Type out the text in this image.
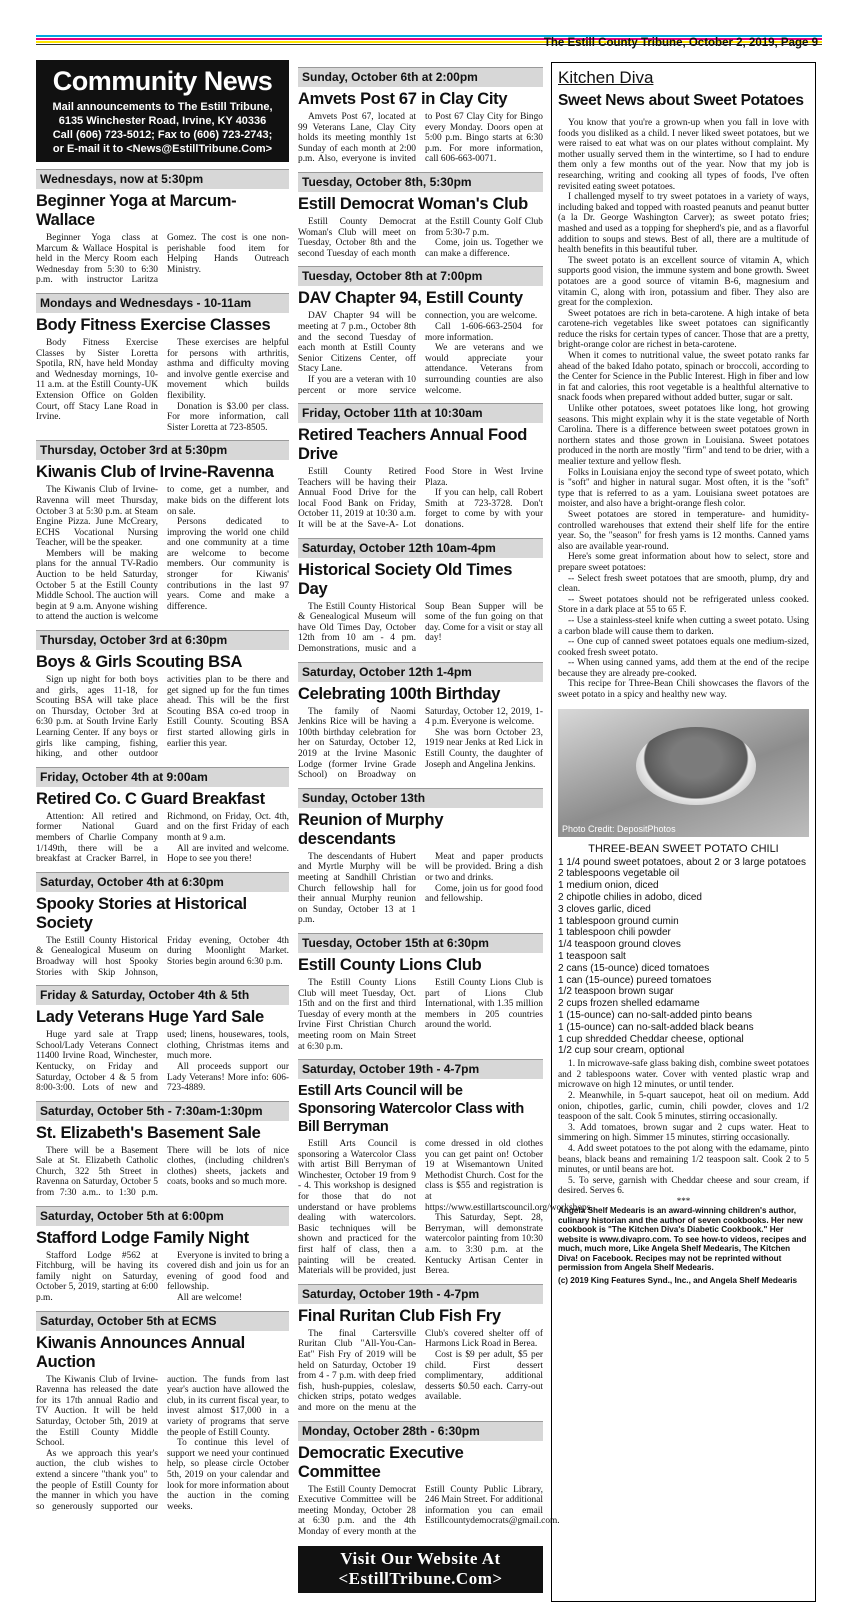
The Estill County Tribune, October 2, 2019, Page 9
Community News

Mail announcements to The Estill Tribune,
6135 Winchester Road, Irvine, KY 40336
Call (606) 723-5012; Fax to (606) 723-2743;
or E-mail it to <News@EstillTribune.Com>

Wednesdays, now at 5:30pm
Beginner Yoga at Marcum-Wallace

Beginner Yoga class at Marcum & Wallace Hospital is held in the Mercy Room each Wednesday from 5:30 to 6:30 p.m. with instructor Laritza Gomez. The cost is one non-perishable food item for Helping Hands Outreach Ministry.

Mondays and Wednesdays - 10-11am
Body Fitness Exercise Classes

Body Fitness Exercise Classes by Sister Loretta Spotila, RN, have held Monday and Wednesday mornings, 10-11 a.m. at the Estill County-UK Extension Office on Golden Court, off Stacy Lane Road in Irvine.

These exercises are helpful for persons with arthritis, asthma and difficulty moving and involve gentle exercise and movement which builds flexibility.

Donation is $3.00 per class. For more information, call Sister Loretta at 723-8505.

Thursday, October 3rd at 5:30pm
Kiwanis Club of Irvine-Ravenna

The Kiwanis Club of Irvine-Ravenna will meet Thursday, October 3 at 5:30 p.m. at Steam Engine Pizza. June McCreary, ECHS Vocational Nursing Teacher, will be the speaker.

Members will be making plans for the annual TV-Radio Auction to be held Saturday, October 5 at the Estill County Middle School. The auction will begin at 9 a.m. Anyone wishing to attend the auction is welcome to come, get a number, and make bids on the different lots on sale.

Persons dedicated to improving the world one child and one community at a time are welcome to become members. Our community is stronger for Kiwanis' contributions in the last 97 years. Come and make a difference.

Thursday, October 3rd at 6:30pm
Boys & Girls Scouting BSA

Sign up night for both boys and girls, ages 11-18, for Scouting BSA will take place on Thursday, October 3rd at 6:30 p.m. at South Irvine Early Learning Center. If any boys or girls like camping, fishing, hiking, and other outdoor activities plan to be there and get signed up for the fun times ahead. This will be the first Scouting BSA co-ed troop in Estill County. Scouting BSA first started allowing girls in earlier this year.

Friday, October 4th at 9:00am
Retired Co. C Guard Breakfast

Attention: All retired and former National Guard members of Charlie Company 1/149th, there will be a breakfast at Cracker Barrel, in Richmond, on Friday, Oct. 4th, and on the first Friday of each month at 9 a.m.

All are invited and welcome. Hope to see you there!

Saturday, October 4th at 6:30pm
Spooky Stories at Historical Society

The Estill County Historical & Genealogical Museum on Broadway will host Spooky Stories with Skip Johnson, Friday evening, October 4th during Moonlight Market. Stories begin around 6:30 p.m.

Friday & Saturday, October 4th & 5th
Lady Veterans Huge Yard Sale

Huge yard sale at Trapp School/Lady Veterans Connect 11400 Irvine Road, Winchester, Kentucky, on Friday and Saturday, October 4 & 5 from 8:00-3:00. Lots of new and used; linens, housewares, tools, clothing, Christmas items and much more.

All proceeds support our Lady Veterans! More info: 606-723-4889.

Saturday, October 5th - 7:30am-1:30pm
St. Elizabeth's Basement Sale

There will be a Basement Sale at St. Elizabeth Catholic Church, 322 5th Street in Ravenna on Saturday, October 5 from 7:30 a.m.. to 1:30 p.m. There will be lots of nice clothes, (including children's clothes) sheets, jackets and coats, books and so much more.

Saturday, October 5th at 6:00pm
Stafford Lodge Family Night

Stafford Lodge #562 at Fitchburg, will be having its family night on Saturday, October 5, 2019, starting at 6:00 p.m.

Everyone is invited to bring a covered dish and join us for an evening of good food and fellowship.

All are welcome!

Saturday, October 5th at ECMS
Kiwanis Announces Annual Auction

The Kiwanis Club of Irvine-Ravenna has released the date for its 17th annual Radio and TV Auction. It will be held Saturday, October 5th, 2019 at the Estill County Middle School.

As we approach this year's auction, the club wishes to extend a sincere "thank you" to the people of Estill County for the manner in which you have so generously supported our auction. The funds from last year's auction have allowed the club, in its current fiscal year, to invest almost $17,000 in a variety of programs that serve the people of Estill County.

To continue this level of support we need your continued help, so please circle October 5th, 2019 on your calendar and look for more information about the auction in the coming weeks.

Sunday, October 6th at 2:00pm
Amvets Post 67 in Clay City

Amvets Post 67, located at 99 Veterans Lane, Clay City holds its meeting monthly 1st Sunday of each month at 2:00 p.m. Also, everyone is invited to Post 67 Clay City for Bingo every Monday. Doors open at 5:00 p.m. Bingo starts at 6:30 p.m. For more information, call 606-663-0071.

Tuesday, October 8th, 5:30pm
Estill Democrat Woman's Club

Estill County Democrat Woman's Club will meet on Tuesday, October 8th and the second Tuesday of each month at the Estill County Golf Club from 5:30-7 p.m.

Come, join us. Together we can make a difference.

Tuesday, October 8th at 7:00pm
DAV Chapter 94, Estill County

DAV Chapter 94 will be meeting at 7 p.m., October 8th and the second Tuesday of each month at Estill County Senior Citizens Center, off Stacy Lane.

If you are a veteran with 10 percent or more service connection, you are welcome.

Call 1-606-663-2504 for more information.

We are veterans and we would appreciate your attendance. Veterans from surrounding counties are also welcome.

Friday, October 11th at 10:30am
Retired Teachers Annual Food Drive

Estill County Retired Teachers will be having their Annual Food Drive for the local Food Bank on Friday, October 11, 2019 at 10:30 a.m. It will be at the Save-A- Lot Food Store in West Irvine Plaza.

If you can help, call Robert Smith at 723-3728. Don't forget to come by with your donations.

Saturday, October 12th 10am-4pm
Historical Society Old Times Day

The Estill County Historical & Genealogical Museum will have Old Times Day, October 12th from 10 am - 4 pm. Demonstrations, music and a Soup Bean Supper will be some of the fun going on that day. Come for a visit or stay all day!

Saturday, October 12th 1-4pm
Celebrating 100th Birthday

The family of Naomi Jenkins Rice will be having a 100th birthday celebration for her on Saturday, October 12, 2019 at the Irvine Masonic Lodge (former Irvine Grade School) on Broadway on Saturday, October 12, 2019, 1-4 p.m. Everyone is welcome.

She was born October 23, 1919 near Jenks at Red Lick in Estill County, the daughter of Joseph and Angelina Jenkins.

Sunday, October 13th
Reunion of Murphy descendants

The descendants of Hubert and Myrtle Murphy will be meeting at Sandhill Christian Church fellowship hall for their annual Murphy reunion on Sunday, October 13 at 1 p.m.

Meat and paper products will be provided. Bring a dish or two and drinks.

Come, join us for good food and fellowship.

Tuesday, October 15th at 6:30pm
Estill County Lions Club

The Estill County Lions Club will meet Tuesday, Oct. 15th and on the first and third Tuesday of every month at the Irvine First Christian Church meeting room on Main Street at 6:30 p.m.

Estill County Lions Club is part of Lions Club International, with 1.35 million members in 205 countries around the world.

Saturday, October 19th - 4-7pm
Estill Arts Council will be Sponsoring Watercolor Class with Bill Berryman

Estill Arts Council is sponsoring a Watercolor Class with artist Bill Berryman of Winchester, October 19 from 9 - 4. This workshop is designed for those that do not understand or have problems dealing with watercolors. Basic techniques will be shown and practiced for the first half of class, then a painting will be created. Materials will be provided, just come dressed in old clothes you can get paint on! October 19 at Wisemantown United Methodist Church. Cost for the class is $55 and registration is at https://www.estillartscouncil.org/workshops.

This Saturday, Sept. 28, Berryman, will demonstrate watercolor painting from 10:30 a.m. to 3:30 p.m. at the Kentucky Artisan Center in Berea.

Saturday, October 19th - 4-7pm
Final Ruritan Club Fish Fry

The final Cartersville Ruritan Club "All-You-Can-Eat" Fish Fry of 2019 will be held on Saturday, October 19 from 4 - 7 p.m. with deep fried fish, hush-puppies, coleslaw, chicken strips, potato wedges and more on the menu at the Club's covered shelter off of Harmons Lick Road in Berea.

Cost is $9 per adult, $5 per child. First dessert complimentary, additional desserts $0.50 each. Carry-out available.

Monday, October 28th - 6:30pm
Democratic Executive Committee

The Estill County Democrat Executive Committee will be meeting Monday, October 28 at 6:30 p.m. and the 4th Monday of every month at the Estill County Public Library, 246 Main Street. For additional information you can email Estillcountydemocrats@gmail.com.

Visit Our Website At
<EstillTribune.Com>
Kitchen Diva
Sweet News about Sweet Potatoes

You know that you're a grown-up when you fall in love with foods you disliked as a child. I never liked sweet potatoes, but we were raised to eat what was on our plates without complaint. My mother usually served them in the wintertime, so I had to endure them only a few months out of the year. Now that my job is researching, writing and cooking all types of foods, I've often revisited eating sweet potatoes.

I challenged myself to try sweet potatoes in a variety of ways, including baked and topped with roasted peanuts and peanut butter (a la Dr. George Washington Carver); as sweet potato fries; mashed and used as a topping for shepherd's pie, and as a flavorful addition to soups and stews. Best of all, there are a multitude of health benefits in this beautiful tuber.

The sweet potato is an excellent source of vitamin A, which supports good vision, the immune system and bone growth. Sweet potatoes are a good source of vitamin B-6, magnesium and vitamin C, along with iron, potassium and fiber. They also are great for the complexion.

Sweet potatoes are rich in beta-carotene. A high intake of beta carotene-rich vegetables like sweet potatoes can significantly reduce the risks for certain types of cancer. Those that are a pretty, bright-orange color are richest in beta-carotene.

When it comes to nutritional value, the sweet potato ranks far ahead of the baked Idaho potato, spinach or broccoli, according to the Center for Science in the Public Interest. High in fiber and low in fat and calories, this root vegetable is a healthful alternative to snack foods when prepared without added butter, sugar or salt.

Unlike other potatoes, sweet potatoes like long, hot growing seasons. This might explain why it is the state vegetable of North Carolina. There is a difference between sweet potatoes grown in northern states and those grown in Louisiana. Sweet potatoes produced in the north are mostly "firm" and tend to be drier, with a mealier texture and yellow flesh.

Folks in Louisiana enjoy the second type of sweet potato, which is "soft" and higher in natural sugar. Most often, it is the "soft" type that is referred to as a yam. Louisiana sweet potatoes are moister, and also have a bright-orange flesh color.

Sweet potatoes are stored in temperature- and humidity-controlled warehouses that extend their shelf life for the entire year. So, the "season" for fresh yams is 12 months. Canned yams also are available year-round.

Here's some great information about how to select, store and prepare sweet potatoes:

-- Select fresh sweet potatoes that are smooth, plump, dry and clean.

-- Sweet potatoes should not be refrigerated unless cooked. Store in a dark place at 55 to 65 F.

-- Use a stainless-steel knife when cutting a sweet potato. Using a carbon blade will cause them to darken.

-- One cup of canned sweet potatoes equals one medium-sized, cooked fresh sweet potato.

-- When using canned yams, add them at the end of the recipe because they are already pre-cooked.

This recipe for Three-Bean Chili showcases the flavors of the sweet potato in a spicy and healthy new way.

Photo Credit: DepositPhotos
THREE-BEAN SWEET POTATO CHILI
1 1/4 pound sweet potatoes, about 2 or 3 large potatoes
2 tablespoons vegetable oil
1 medium onion, diced
2 chipotle chilies in adobo, diced
3 cloves garlic, diced
1 tablespoon ground cumin
1 tablespoon chili powder
1/4 teaspoon ground cloves
1 teaspoon salt
2 cans (15-ounce) diced tomatoes
1 can (15-ounce) pureed tomatoes
1/2 teaspoon brown sugar
2 cups frozen shelled edamame
1 (15-ounce) can no-salt-added pinto beans
1 (15-ounce) can no-salt-added black beans
1 cup shredded Cheddar cheese, optional
1/2 cup sour cream, optional

1. In microwave-safe glass baking dish, combine sweet potatoes and 2 tablespoons water. Cover with vented plastic wrap and microwave on high 12 minutes, or until tender.

2. Meanwhile, in 5-quart saucepot, heat oil on medium. Add onion, chipotles, garlic, cumin, chili powder, cloves and 1/2 teaspoon of the salt. Cook 5 minutes, stirring occasionally.

3. Add tomatoes, brown sugar and 2 cups water. Heat to simmering on high. Simmer 15 minutes, stirring occasionally.

4. Add sweet potatoes to the pot along with the edamame, pinto beans, black beans and remaining 1/2 teaspoon salt. Cook 2 to 5 minutes, or until beans are hot.

5. To serve, garnish with Cheddar cheese and sour cream, if desired. Serves 6.

***
Angela Shelf Medearis is an award-winning children's author, culinary historian and the author of seven cookbooks. Her new cookbook is "The Kitchen Diva's Diabetic Cookbook." Her website is www.divapro.com. To see how-to videos, recipes and much, much more, Like Angela Shelf Medearis, The Kitchen Diva! on Facebook. Recipes may not be reprinted without permission from Angela Shelf Medearis.
(c) 2019 King Features Synd., Inc., and Angela Shelf Medearis
